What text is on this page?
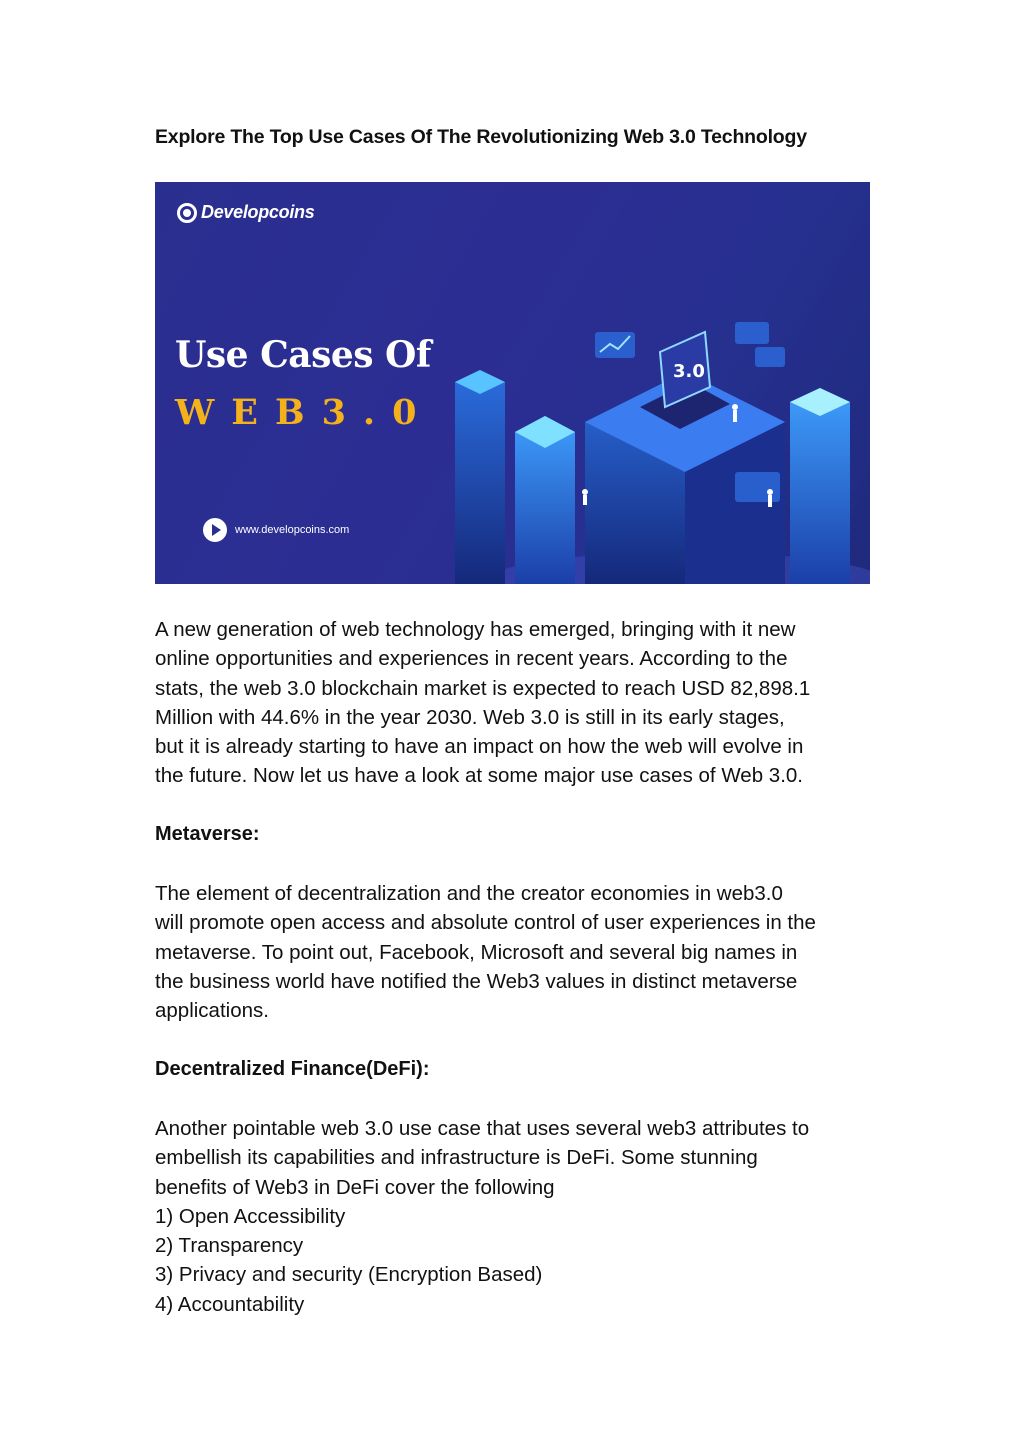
Explore The Top Use Cases Of The Revolutionizing Web 3.0 Technology
Developcoins
Use Cases Of
WEB3.0
www.developcoins.com
3.0
A new generation of web technology has emerged, bringing with it new
online opportunities and experiences in recent years. According to the
stats, the web 3.0 blockchain market is expected to reach USD 82,898.1
Million with 44.6% in the year 2030. Web 3.0 is still in its early stages,
but it is already starting to have an impact on how the web will evolve in
the future. Now let us have a look at some major use cases of Web 3.0.
Metaverse:
The element of decentralization and the creator economies in web3.0
will promote open access and absolute control of user experiences in the
metaverse. To point out, Facebook, Microsoft and several big names in
the business world have notified the Web3 values in distinct metaverse
applications.
Decentralized Finance(DeFi):
Another pointable web 3.0 use case that uses several web3 attributes to
embellish its capabilities and infrastructure is DeFi. Some stunning
benefits of Web3 in DeFi cover the following
1) Open Accessibility
2) Transparency
3) Privacy and security (Encryption Based)
4) Accountability
